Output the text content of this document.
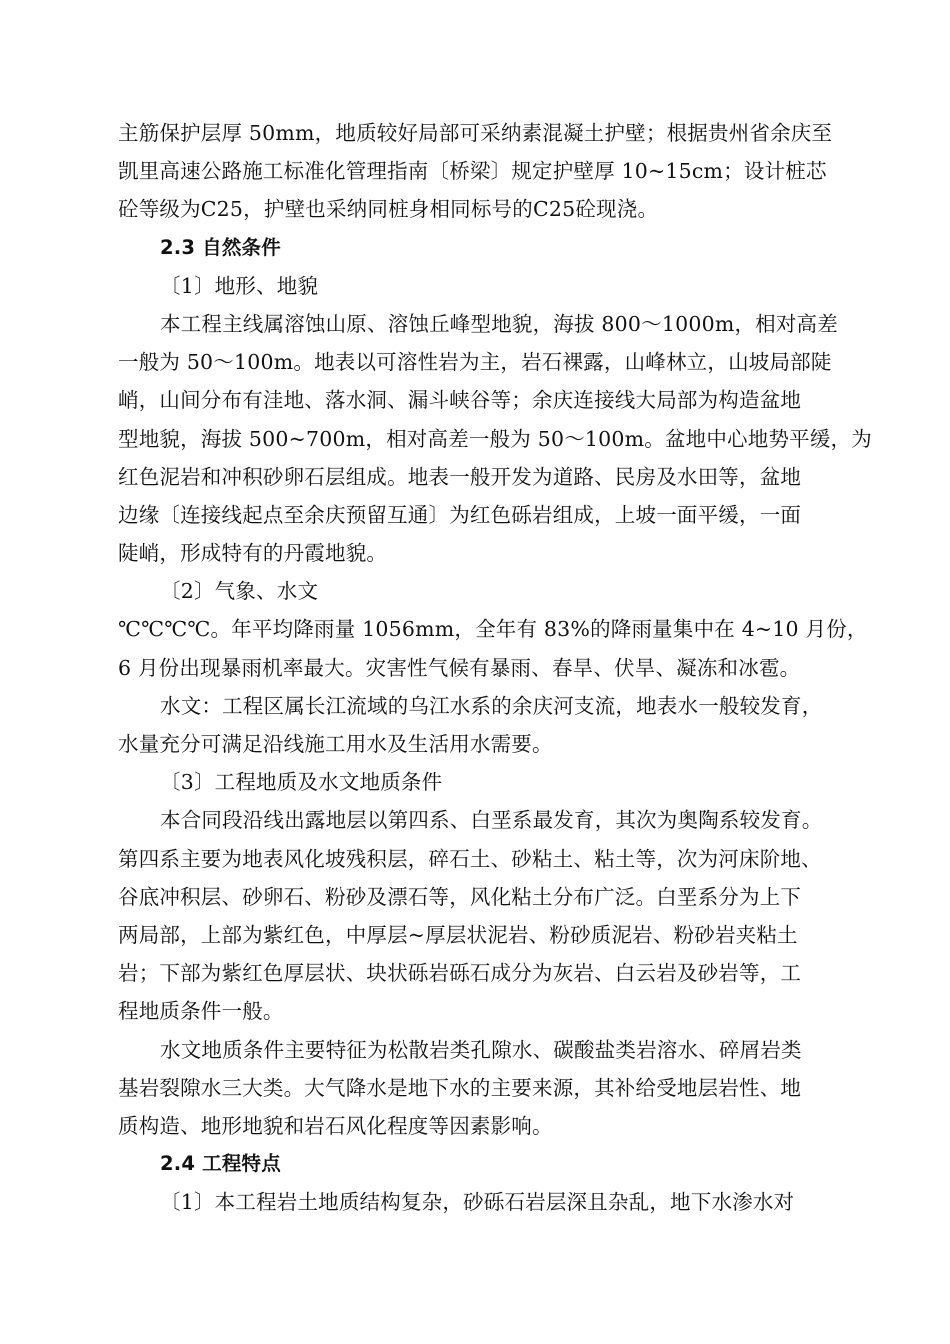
主筋保护层厚 50mm，地质较好局部可采纳素混凝土护壁；根据贵州省余庆至
凯里高速公路施工标准化管理指南〔桥梁〕规定护壁厚 10~15cm；设计桩芯
砼等级为C25，护壁也采纳同桩身相同标号的C25砼现浇。
2.3 自然条件
〔1〕地形、地貌
本工程主线属溶蚀山原、溶蚀丘峰型地貌，海拔 800～1000m，相对高差
一般为 50～100m。地表以可溶性岩为主，岩石裸露，山峰林立，山坡局部陡
峭，山间分布有洼地、落水洞、漏斗峡谷等；余庆连接线大局部为构造盆地
型地貌，海拔 500~700m，相对高差一般为 50～100m。盆地中心地势平缓，为
红色泥岩和冲积砂卵石层组成。地表一般开发为道路、民房及水田等，盆地
边缘〔连接线起点至余庆预留互通〕为红色砾岩组成，上坡一面平缓，一面
陡峭，形成特有的丹霞地貌。
〔2〕气象、水文
℃℃℃℃。年平均降雨量 1056mm，全年有 83%的降雨量集中在 4~10 月份，
6 月份出现暴雨机率最大。灾害性气候有暴雨、春旱、伏旱、凝冻和冰雹。
水文：工程区属长江流域的乌江水系的余庆河支流，地表水一般较发育，
水量充分可满足沿线施工用水及生活用水需要。
〔3〕工程地质及水文地质条件
本合同段沿线出露地层以第四系、白垩系最发育，其次为奥陶系较发育。
第四系主要为地表风化坡残积层，碎石土、砂粘土、粘土等，次为河床阶地、
谷底冲积层、砂卵石、粉砂及漂石等，风化粘土分布广泛。白垩系分为上下
两局部，上部为紫红色，中厚层~厚层状泥岩、粉砂质泥岩、粉砂岩夹粘土
岩；下部为紫红色厚层状、块状砾岩砾石成分为灰岩、白云岩及砂岩等，工
程地质条件一般。
水文地质条件主要特征为松散岩类孔隙水、碳酸盐类岩溶水、碎屑岩类
基岩裂隙水三大类。大气降水是地下水的主要来源，其补给受地层岩性、地
质构造、地形地貌和岩石风化程度等因素影响。
2.4 工程特点
〔1〕本工程岩土地质结构复杂，砂砾石岩层深且杂乱，地下水渗水对
